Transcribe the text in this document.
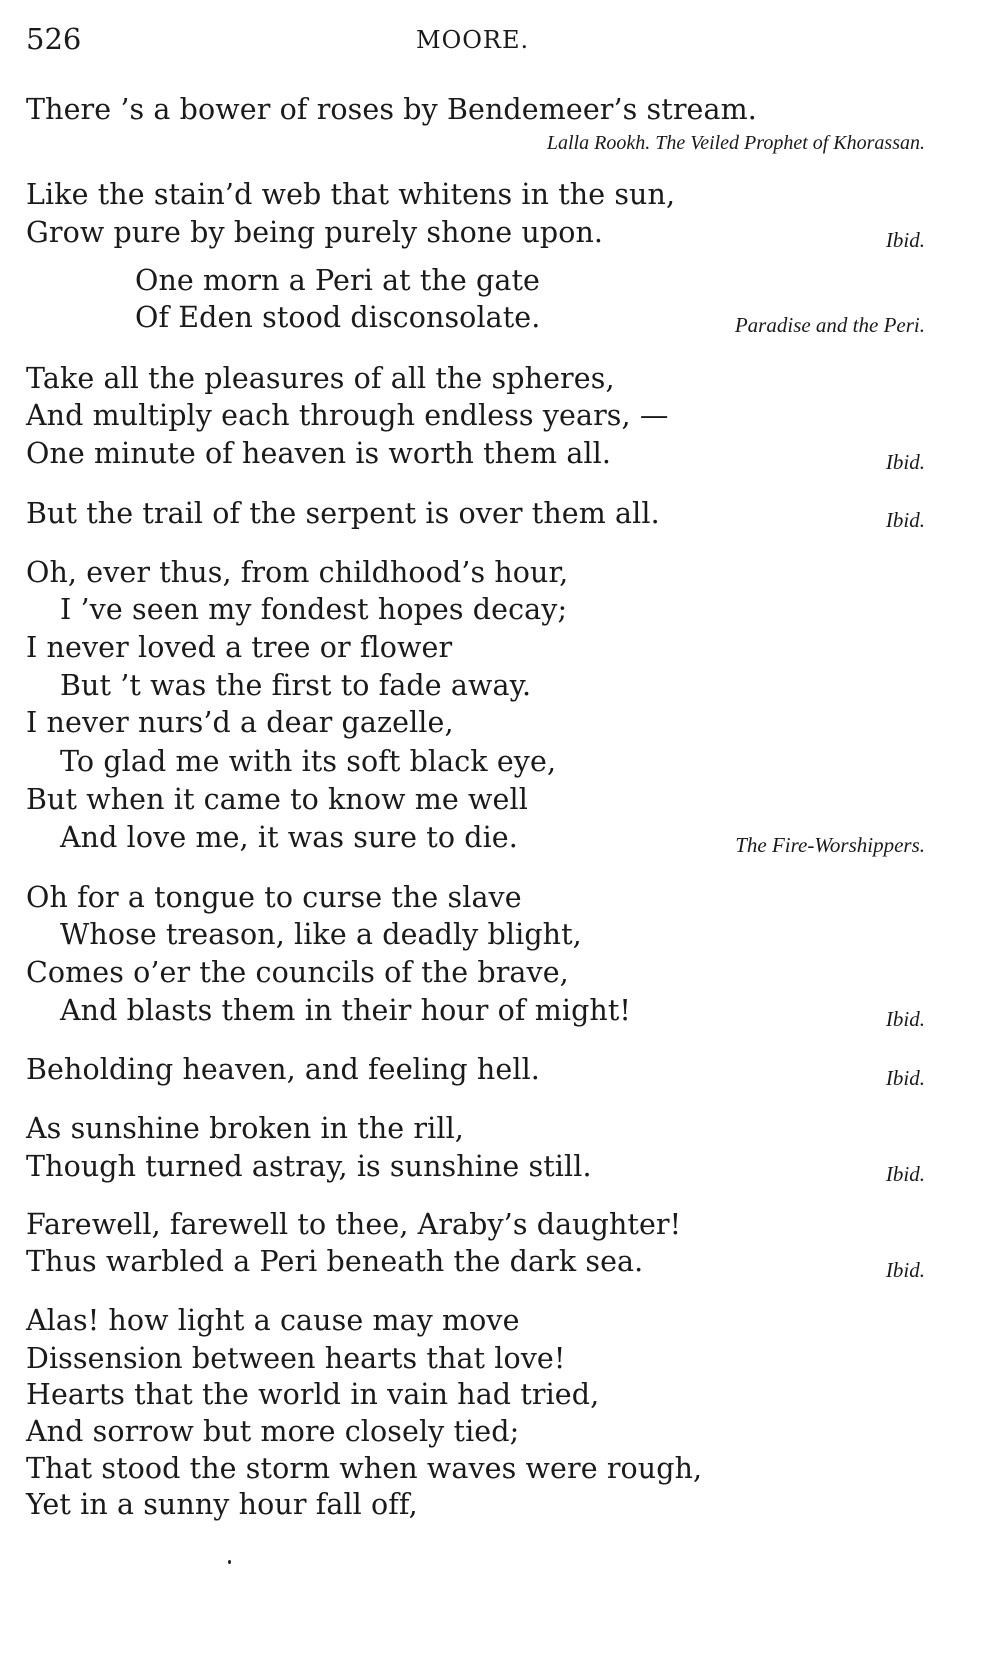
526	MOORE.
There ’s a bower of roses by Bendemeer’s stream.
Lalla Rookh. The Veiled Prophet of Khorassan.
Like the stain’d web that whitens in the sun,
Grow pure by being purely shone upon.	Ibid.
One morn a Peri at the gate
Of Eden stood disconsolate.	Paradise and the Peri.
Take all the pleasures of all the spheres,
And multiply each through endless years, —
One minute of heaven is worth them all.	Ibid.
But the trail of the serpent is over them all.	Ibid.
Oh, ever thus, from childhood’s hour,
I ’ve seen my fondest hopes decay;
I never loved a tree or flower
But ’t was the first to fade away.
I never nurs’d a dear gazelle,
To glad me with its soft black eye,
But when it came to know me well
And love me, it was sure to die.	The Fire-Worshippers.
Oh for a tongue to curse the slave
Whose treason, like a deadly blight,
Comes o’er the councils of the brave,
And blasts them in their hour of might!	Ibid.
Beholding heaven, and feeling hell.	Ibid.
As sunshine broken in the rill,
Though turned astray, is sunshine still.	Ibid.
Farewell, farewell to thee, Araby’s daughter!
Thus warbled a Peri beneath the dark sea.	Ibid.
Alas! how light a cause may move
Dissension between hearts that love!
Hearts that the world in vain had tried,
And sorrow but more closely tied;
That stood the storm when waves were rough,
Yet in a sunny hour fall off,
